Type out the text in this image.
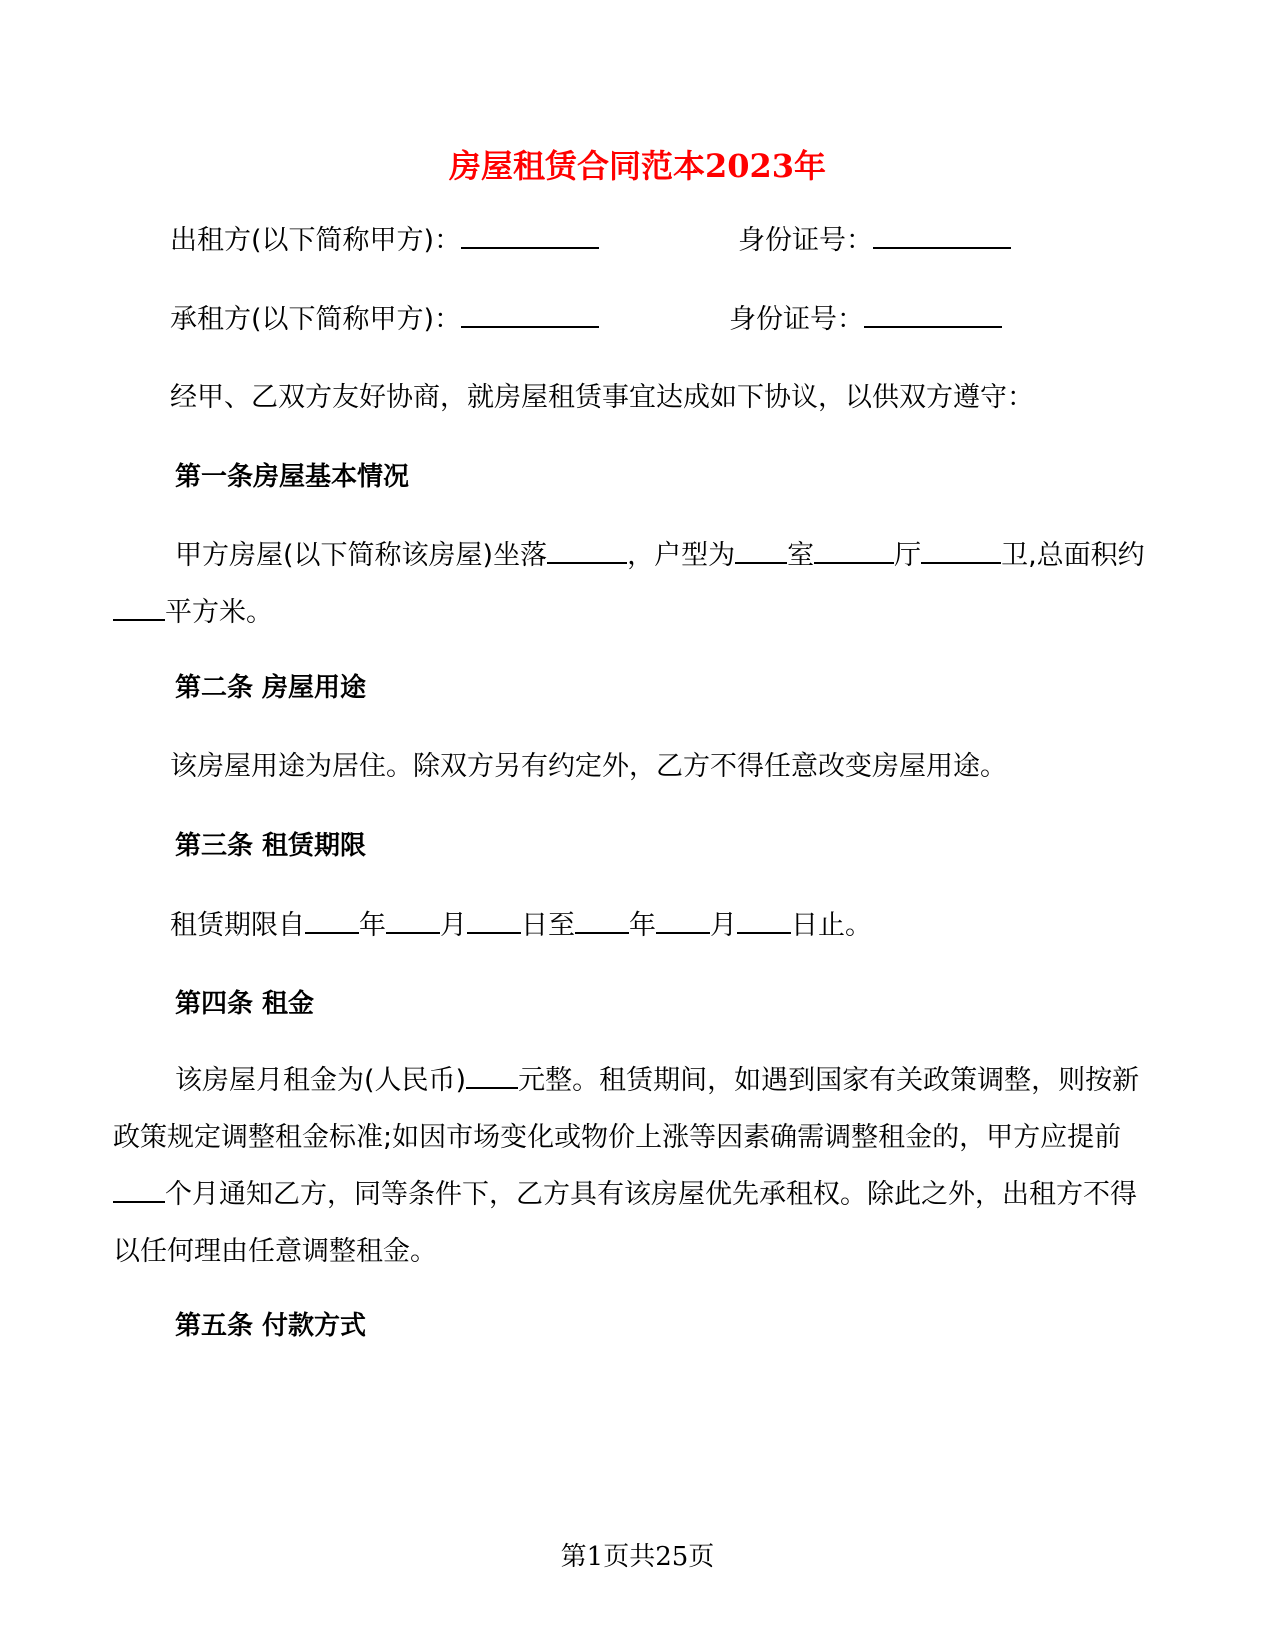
房屋租赁合同范本2023年
出租方(以下简称甲方)：	身份证号：
承租方(以下简称甲方)：	身份证号：
经甲、乙双方友好协商，就房屋租赁事宜达成如下协议，以供双方遵守：
第一条房屋基本情况
甲方房屋(以下简称该房屋)坐落	，户型为 室	厅	卫,总面积约平方米。
第二条 房屋用途
该房屋用途为居住。除双方另有约定外，乙方不得任意改变房屋用途。
第三条 租赁期限
租赁期限自 年 月 日至 年 月 日止。
第四条 租金
该房屋月租金为(人民币) 元整。租赁期间，如遇到国家有关政策调整，则按新政策规定调整租金标准;如因市场变化或物价上涨等因素确需调整租金的，甲方应提前个月通知乙方，同等条件下，乙方具有该房屋优先承租权。除此之外，出租方不得以任何理由任意调整租金。
第五条 付款方式
第1页共25页
